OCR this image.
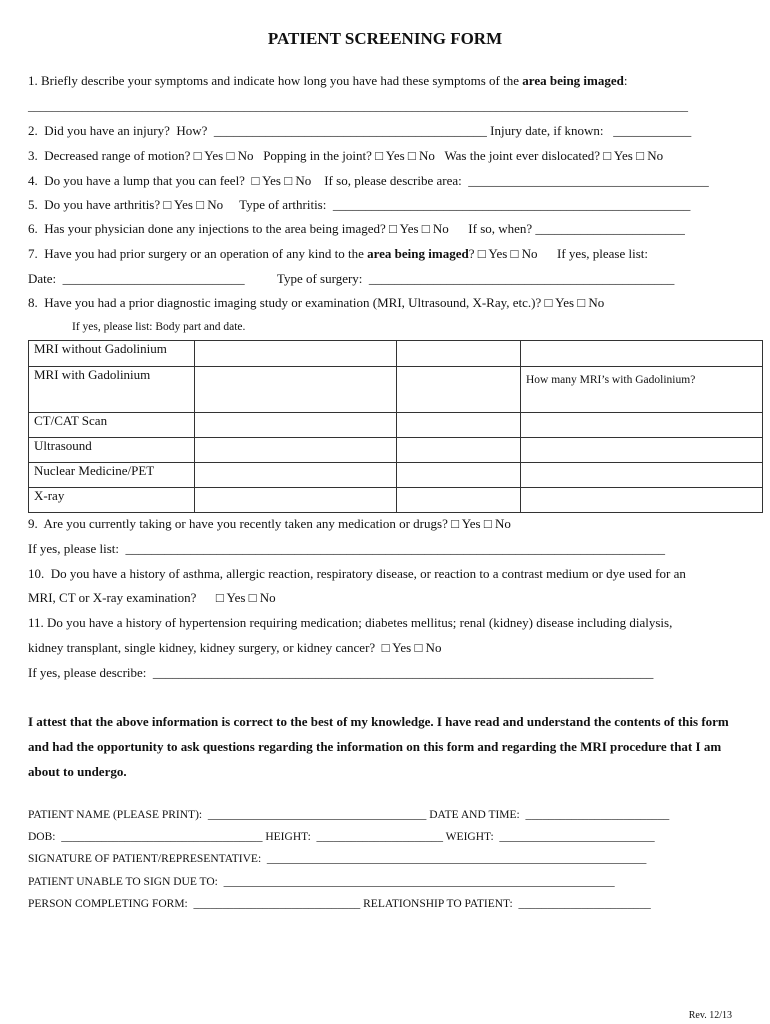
PATIENT SCREENING FORM
1. Briefly describe your symptoms and indicate how long you have had these symptoms of the area being imaged:
______________________________________________________________________________________________________________
2.  Did you have an injury?  How?  __________________________________________ Injury date, if known:   ____________
3.  Decreased range of motion? □ Yes □ No   Popping in the joint? □ Yes □ No   Was the joint ever dislocated? □ Yes □ No
4.  Do you have a lump that you can feel?  □ Yes □ No    If so, please describe area:  _____________________________________
5.  Do you have arthritis? □ Yes □ No     Type of arthritis:  _______________________________________________________
6.  Has your physician done any injections to the area being imaged? □ Yes □ No      If so, when? _______________________
7.  Have you had prior surgery or an operation of any kind to the area being imaged? □ Yes □ No      If yes, please list:
Date:  ____________________________          Type of surgery:  _______________________________________________
8.  Have you had a prior diagnostic imaging study or examination (MRI, Ultrasound, X-Ray, etc.)? □ Yes □ No
If yes, please list: Body part and date.
MRI without Gadolinium			
MRI with Gadolinium			How many MRI’s with Gadolinium?
CT/CAT Scan			
Ultrasound			
Nuclear Medicine/PET			
X-ray			
9.  Are you currently taking or have you recently taken any medication or drugs? □ Yes □ No
If yes, please list:  ___________________________________________________________________________________
10.  Do you have a history of asthma, allergic reaction, respiratory disease, or reaction to a contrast medium or dye used for an
MRI, CT or X-ray examination?      □ Yes □ No
11. Do you have a history of hypertension requiring medication; diabetes mellitus; renal (kidney) disease including dialysis,
kidney transplant, single kidney, kidney surgery, or kidney cancer?  □ Yes □ No
If yes, please describe:  _____________________________________________________________________________
I attest that the above information is correct to the best of my knowledge. I have read and understand the contents of this form and had the opportunity to ask questions regarding the information on this form and regarding the MRI procedure that I am about to undergo.
PATIENT NAME (PLEASE PRINT):  ______________________________________ DATE AND TIME:  _________________________
DOB:  ___________________________________ HEIGHT:  ______________________ WEIGHT:  ___________________________
SIGNATURE OF PATIENT/REPRESENTATIVE:  __________________________________________________________________
PATIENT UNABLE TO SIGN DUE TO:  ____________________________________________________________________
PERSON COMPLETING FORM:  _____________________________ RELATIONSHIP TO PATIENT:  _______________________
Rev. 12/13
